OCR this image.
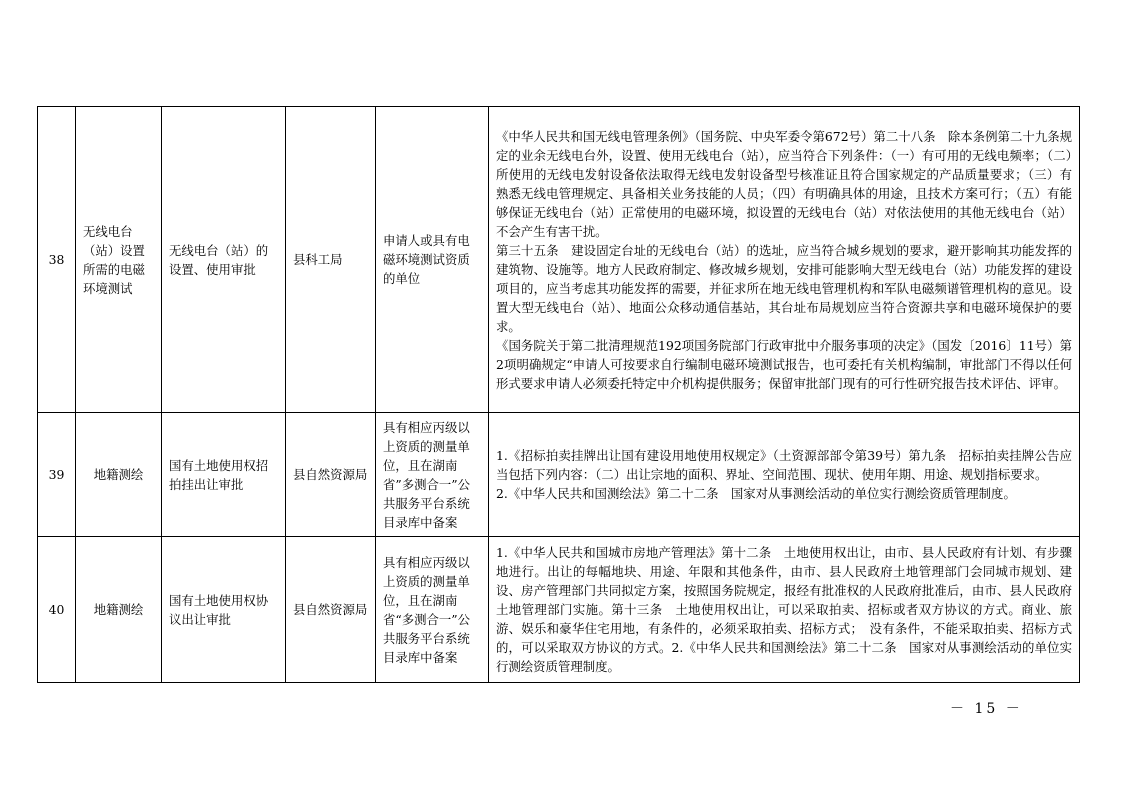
38	无线电台（站）设置所需的电磁环境测试	无线电台（站）的设置、使用审批	县科工局	申请人或具有电磁环境测试资质的单位	《中华人民共和国无线电管理条例》（国务院、中央军委令第672号）第二十八条　除本条例第二十九条规定的业余无线电台外，设置、使用无线电台（站），应当符合下列条件：（一）有可用的无线电频率；（二）所使用的无线电发射设备依法取得无线电发射设备型号核准证且符合国家规定的产品质量要求；（三）有熟悉无线电管理规定、具备相关业务技能的人员；（四）有明确具体的用途，且技术方案可行；（五）有能够保证无线电台（站）正常使用的电磁环境，拟设置的无线电台（站）对依法使用的其他无线电台（站）不会产生有害干扰。
第三十五条　建设固定台址的无线电台（站）的选址，应当符合城乡规划的要求，避开影响其功能发挥的建筑物、设施等。地方人民政府制定、修改城乡规划，安排可能影响大型无线电台（站）功能发挥的建设项目的，应当考虑其功能发挥的需要，并征求所在地无线电管理机构和军队电磁频谱管理机构的意见。设置大型无线电台（站）、地面公众移动通信基站，其台址布局规划应当符合资源共享和电磁环境保护的要求。
《国务院关于第二批清理规范192项国务院部门行政审批中介服务事项的决定》（国发〔2016〕11号）第2项明确规定“申请人可按要求自行编制电磁环境测试报告，也可委托有关机构编制，审批部门不得以任何形式要求申请人必须委托特定中介机构提供服务；保留审批部门现有的可行性研究报告技术评估、评审。

39	地籍测绘	国有土地使用权招拍挂出让审批	县自然资源局	具有相应丙级以上资质的测量单位，且在湖南省”多测合一”公共服务平台系统目录库中备案	1.《招标拍卖挂牌出让国有建设用地使用权规定》（土资源部部令第39号）第九条　招标拍卖挂牌公告应当包括下列内容：（二）出让宗地的面积、界址、空间范围、现状、使用年期、用途、规划指标要求。
2.《中华人民共和国测绘法》第二十二条　国家对从事测绘活动的单位实行测绘资质管理制度。

40	地籍测绘	国有土地使用权协议出让审批	县自然资源局	具有相应丙级以上资质的测量单位，且在湖南省“多测合一”公共服务平台系统目录库中备案	1.《中华人民共和国城市房地产管理法》第十二条　土地使用权出让，由市、县人民政府有计划、有步骤地进行。出让的每幅地块、用途、年限和其他条件，由市、县人民政府土地管理部门会同城市规划、建设、房产管理部门共同拟定方案，按照国务院规定，报经有批准权的人民政府批准后，由市、县人民政府土地管理部门实施。第十三条　土地使用权出让，可以采取拍卖、招标或者双方协议的方式。商业、旅游、娱乐和豪华住宅用地，有条件的，必须采取拍卖、招标方式；　没有条件，不能采取拍卖、招标方式的，可以采取双方协议的方式。2.《中华人民共和国测绘法》第二十二条　国家对从事测绘活动的单位实行测绘资质管理制度。
－ 15 －
